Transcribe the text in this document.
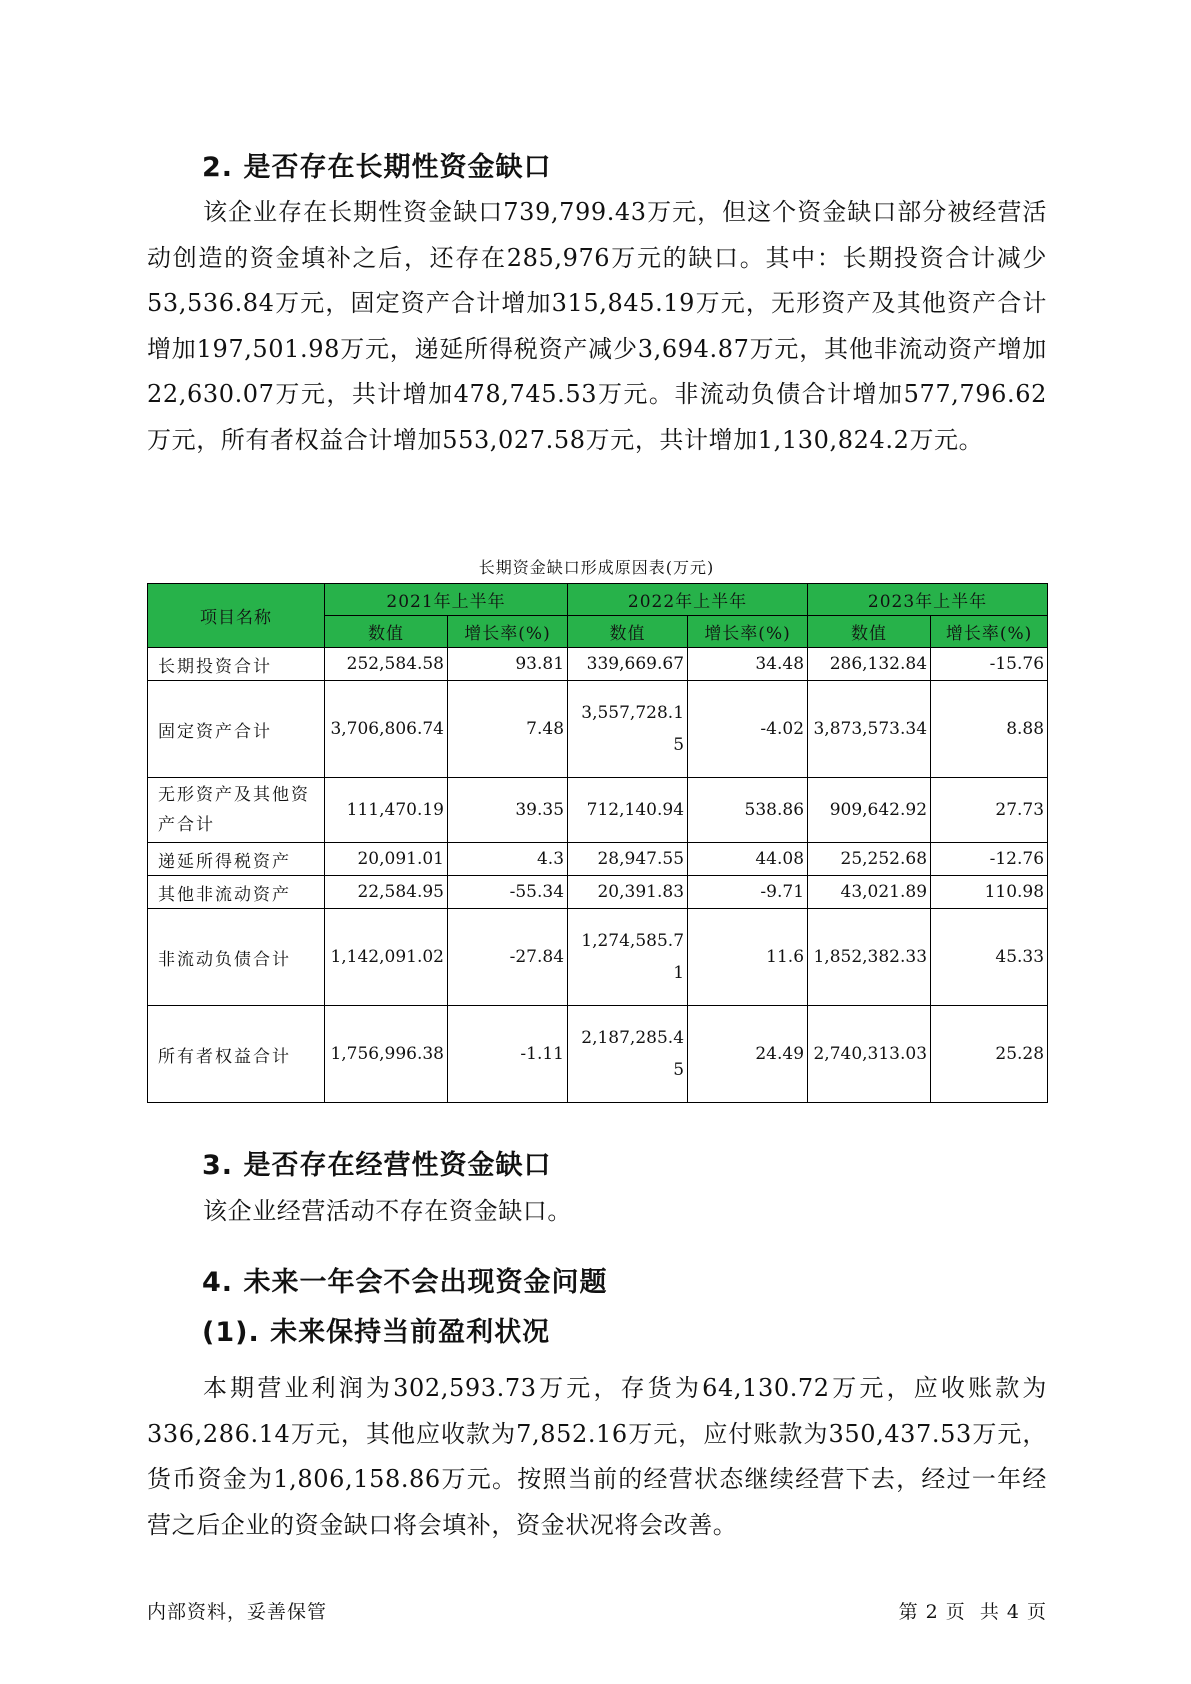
2. 是否存在长期性资金缺口

该企业存在长期性资金缺口739,799.43万元，但这个资金缺口部分被经营活动创造的资金填补之后，还存在285,976万元的缺口。其中：长期投资合计减少53,536.84万元，固定资产合计增加315,845.19万元，无形资产及其他资产合计增加197,501.98万元，递延所得税资产减少3,694.87万元，其他非流动资产增加22,630.07万元，共计增加478,745.53万元。非流动负债合计增加577,796.62万元，所有者权益合计增加553,027.58万元，共计增加1,130,824.2万元。

长期资金缺口形成原因表(万元)
项目名称	2021年上半年		2022年上半年		2023年上半年	
	数值	增长率(%)	数值	增长率(%)	数值	增长率(%)
长期投资合计	252,584.58	93.81	339,669.67	34.48	286,132.84	-15.76
固定资产合计	3,706,806.74	7.48	3,557,728.15	-4.02	3,873,573.34	8.88
无形资产及其他资产合计	111,470.19	39.35	712,140.94	538.86	909,642.92	27.73
递延所得税资产	20,091.01	4.3	28,947.55	44.08	25,252.68	-12.76
其他非流动资产	22,584.95	-55.34	20,391.83	-9.71	43,021.89	110.98
非流动负债合计	1,142,091.02	-27.84	1,274,585.71	11.6	1,852,382.33	45.33
所有者权益合计	1,756,996.38	-1.11	2,187,285.45	24.49	2,740,313.03	25.28
3. 是否存在经营性资金缺口

该企业经营活动不存在资金缺口。

4. 未来一年会不会出现资金问题
(1). 未来保持当前盈利状况

本期营业利润为302,593.73万元，存货为64,130.72万元，应收账款为336,286.14万元，其他应收款为7,852.16万元，应付账款为350,437.53万元，货币资金为1,806,158.86万元。按照当前的经营状态继续经营下去，经过一年经营之后企业的资金缺口将会填补，资金状况将会改善。

内部资料，妥善保管	第 2 页  共 4 页
